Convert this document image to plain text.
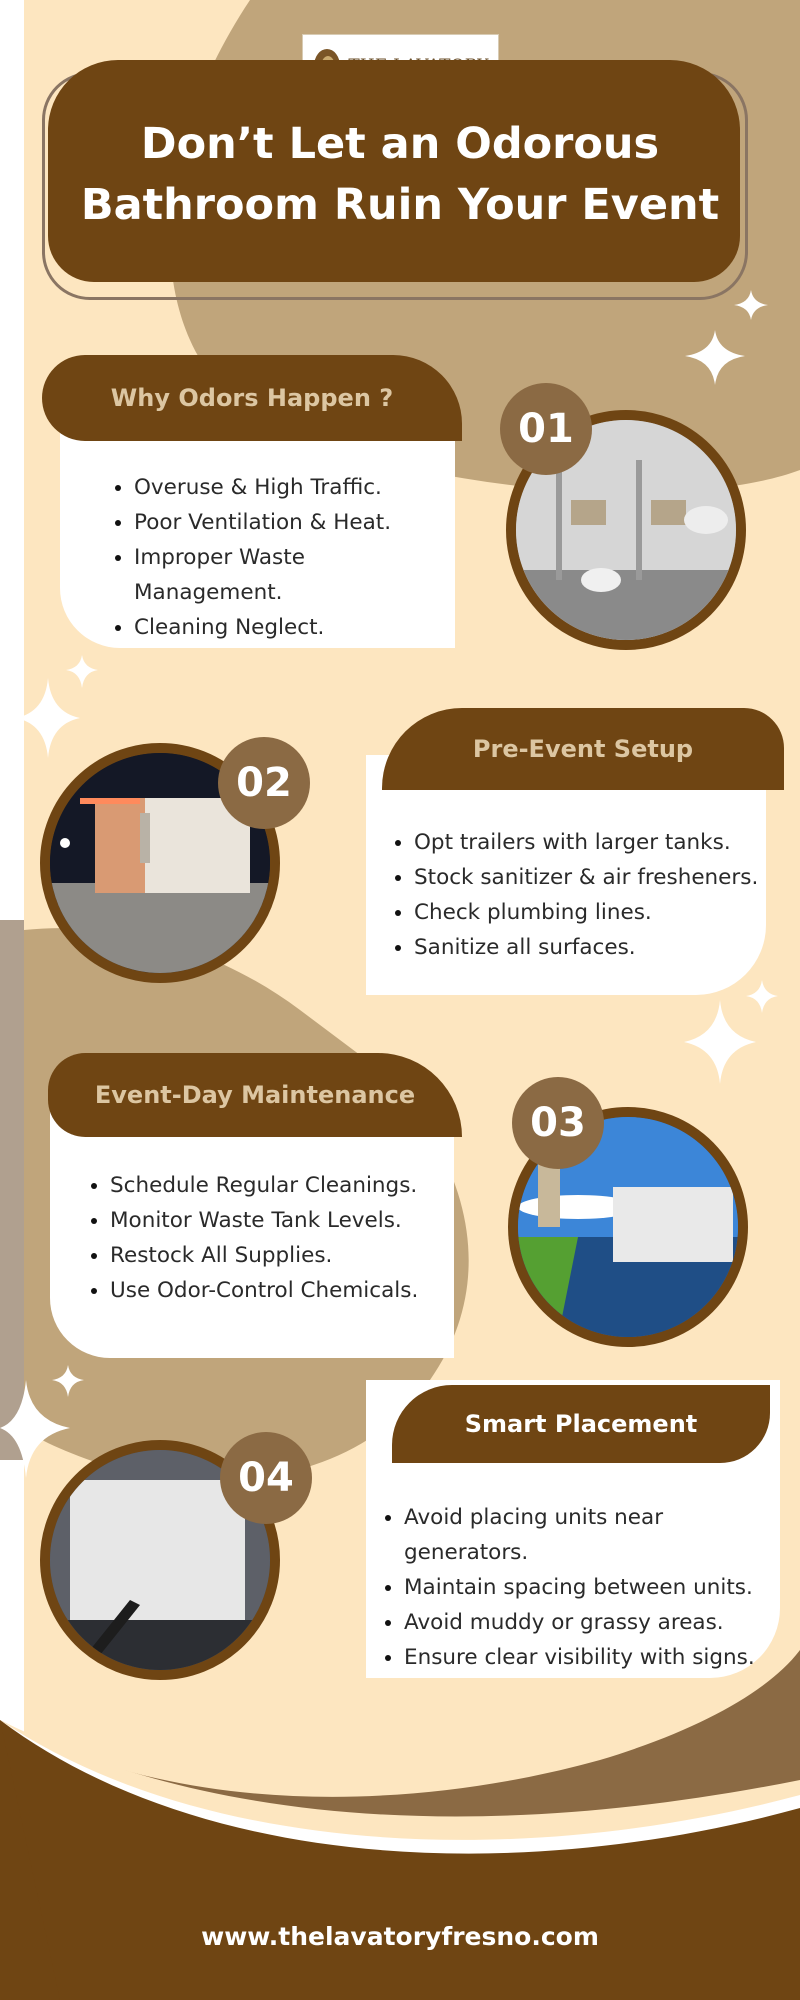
Don’t Let an Odorous
Bathroom Ruin Your Event
• Overuse & High Traffic.
• Poor Ventilation & Heat.
• Improper Waste Management.
• Cleaning Neglect.
Why Odors Happen ?
01
• Opt trailers with larger tanks.
• Stock sanitizer & air fresheners.
• Check plumbing lines.
• Sanitize all surfaces.
Pre-Event Setup
02
• Schedule Regular Cleanings.
• Monitor Waste Tank Levels.
• Restock All Supplies.
• Use Odor-Control Chemicals.
Event-Day Maintenance
03
• Avoid placing units near generators.
• Maintain spacing between units.
• Avoid muddy or grassy areas.
• Ensure clear visibility with signs.
Smart Placement
04
www.thelavatoryfresno.com
